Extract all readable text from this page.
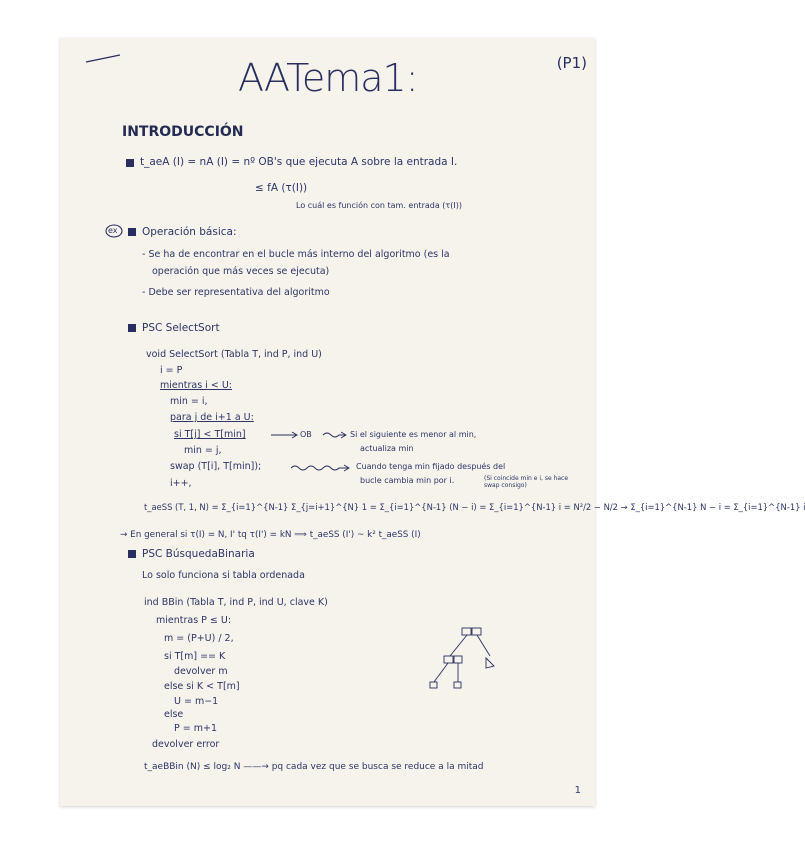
AATema1:	(P1)
INTRODUCCIÓN
t_aeA (I) = nA (I) = nº OB's que ejecuta A sobre la entrada I.
≤ fA (τ(I))
Lo cuál es función con tam. entrada (τ(I))
ex Operación básica:
- Se ha de encontrar en el bucle más interno del algoritmo (es la
operación que más veces se ejecuta)
- Debe ser representativa del algoritmo
PSC SelectSort
void SelectSort (Tabla T, ind P, ind U)
i = P
mientras i < U:
min = i,
para j de i+1 a U:
si T[j] < T[min]
min = j,
swap (T[i], T[min]);
i++,
OB	Si el siguiente es menor al min,
actualiza min
Cuando tenga min fijado después del
bucle cambia min por i.	(Si coincide min e i, se hace swap consigo)
t_aeSS (T, 1, N) = Σ_{i=1}^{N-1} Σ_{j=i+1}^{N} 1 = Σ_{i=1}^{N-1} (N − i) = Σ_{i=1}^{N-1} i = N²/2 − N/2 → Σ_{i=1}^{N-1} N − i = Σ_{i=1}^{N-1} i
→ En general si τ(I) = N, I' tq τ(I') = kN ⟹ t_aeSS (I') ~ k² t_aeSS (I)
PSC BúsquedaBinaria
Lo solo funciona si tabla ordenada
ind BBin (Tabla T, ind P, ind U, clave K)
mientras P ≤ U:
m = (P+U) / 2,
si T[m] == K
devolver m
else si K < T[m]
U = m−1
else
P = m+1
devolver error
t_aeBBin (N) ≤ log₂ N ——→ pq cada vez que se busca se reduce a la mitad
1
